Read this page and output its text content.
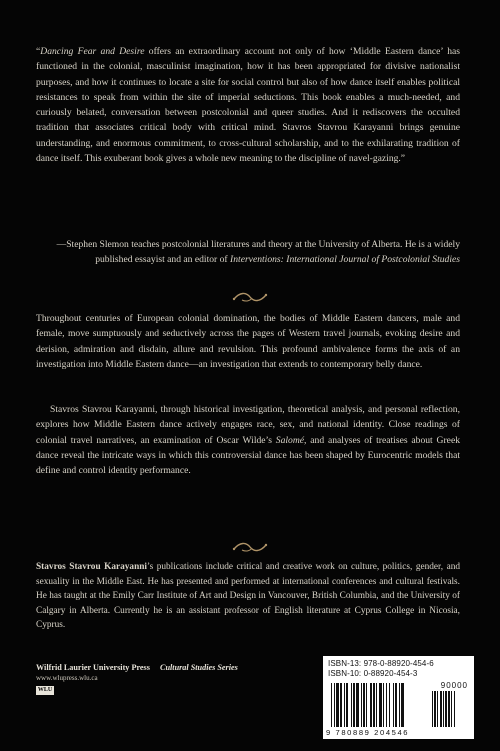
“Dancing Fear and Desire offers an extraordinary account not only of how ‘Middle Eastern dance’ has functioned in the colonial, masculinist imagination, how it has been appropriated for divisive nationalist purposes, and how it continues to locate a site for social control but also of how dance itself enables political resistances to speak from within the site of imperial seductions. This book enables a much-needed, and curiously belated, conversation between postcolonial and queer studies. And it rediscovers the occulted tradition that associates critical body with critical mind. Stavros Stavrou Karayanni brings genuine understanding, and enormous commitment, to cross-cultural scholarship, and to the exhilarating tradition of dance itself. This exuberant book gives a whole new meaning to the discipline of navel-gazing.”

—Stephen Slemon teaches postcolonial literatures and theory at the University of Alberta. He is a widely published essayist and an editor of Interventions: International Journal of Postcolonial Studies

Throughout centuries of European colonial domination, the bodies of Middle Eastern dancers, male and female, move sumptuously and seductively across the pages of Western travel journals, evoking desire and derision, admiration and disdain, allure and revulsion. This profound ambivalence forms the axis of an investigation into Middle Eastern dance—an investigation that extends to contemporary belly dance.

Stavros Stavrou Karayanni, through historical investigation, theoretical analysis, and personal reflection, explores how Middle Eastern dance actively engages race, sex, and national identity. Close readings of colonial travel narratives, an examination of Oscar Wilde’s Salomé, and analyses of treatises about Greek dance reveal the intricate ways in which this controversial dance has been shaped by Eurocentric models that define and control identity performance.

Stavros Stavrou Karayanni’s publications include critical and creative work on culture, politics, gender, and sexuality in the Middle East. He has presented and performed at international conferences and cultural festivals. He has taught at the Emily Carr Institute of Art and Design in Vancouver, British Columbia, and the University of Calgary in Alberta. Currently he is an assistant professor of English literature at Cyprus College in Nicosia, Cyprus.

Wilfrid Laurier University Press
www.wlupress.wlu.ca
WLU
Cultural Studies Series	ISBN-13: 978-0-88920-454-6
ISBN-10: 0-88920-454-3
90000
9 780889 204546
